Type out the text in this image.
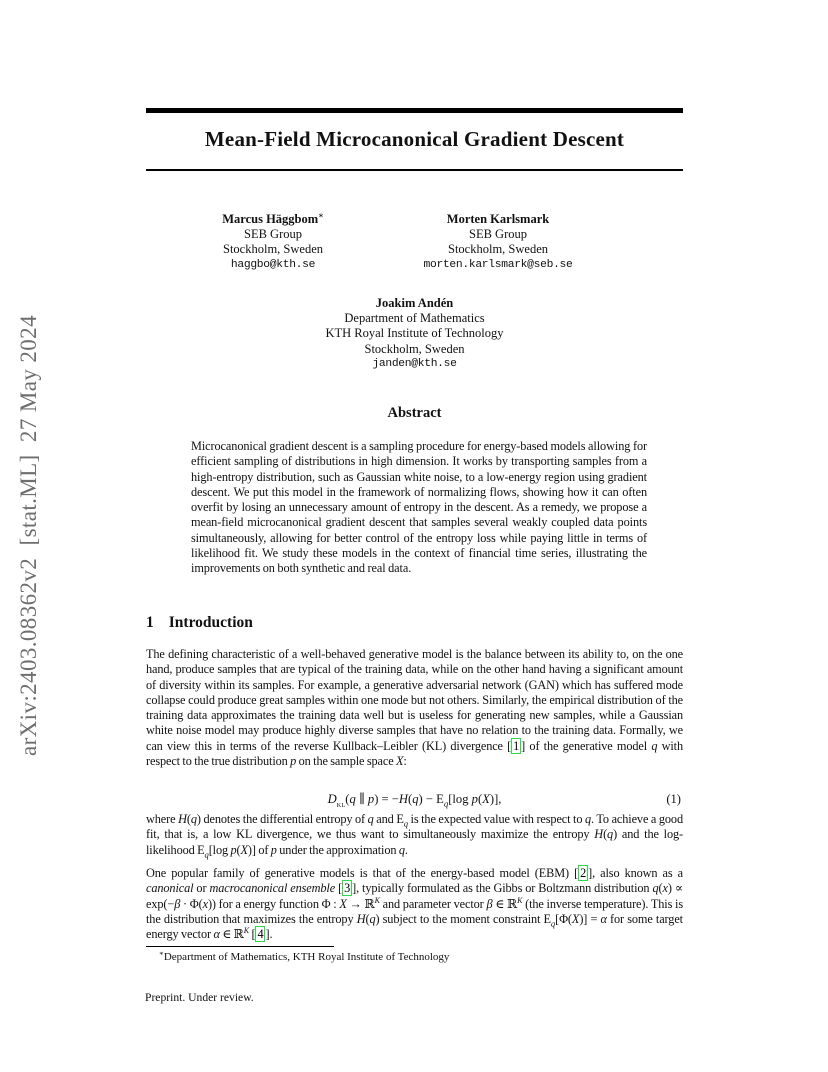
arXiv:2403.08362v2  [stat.ML]  27 May 2024
Mean-Field Microcanonical Gradient Descent
Marcus Häggbom∗
SEB Group
Stockholm, Sweden
haggbo@kth.se
Morten Karlsmark
SEB Group
Stockholm, Sweden
morten.karlsmark@seb.se
Joakim Andén
Department of Mathematics
KTH Royal Institute of Technology
Stockholm, Sweden
janden@kth.se
Abstract
Microcanonical gradient descent is a sampling procedure for energy-based models allowing for efficient sampling of distributions in high dimension. It works by transporting samples from a high-entropy distribution, such as Gaussian white noise, to a low-energy region using gradient descent. We put this model in the framework of normalizing flows, showing how it can often overfit by losing an unnecessary amount of entropy in the descent. As a remedy, we propose a mean-field microcanonical gradient descent that samples several weakly coupled data points simultaneously, allowing for better control of the entropy loss while paying little in terms of likelihood fit. We study these models in the context of financial time series, illustrating the improvements on both synthetic and real data.
1 Introduction
The defining characteristic of a well-behaved generative model is the balance between its ability to, on the one hand, produce samples that are typical of the training data, while on the other hand having a significant amount of diversity within its samples. For example, a generative adversarial network (GAN) which has suffered mode collapse could produce great samples within one mode but not others. Similarly, the empirical distribution of the training data approximates the training data well but is useless for generating new samples, while a Gaussian white noise model may produce highly diverse samples that have no relation to the training data. Formally, we can view this in terms of the reverse Kullback–Leibler (KL) divergence [ 1 ] of the generative model q with respect to the true distribution p on the sample space X:
$D_{KL}(q$ ∥ $p) = -H(q) - E_q[\log$ p(X)],	(1)
where H(q) denotes the differential entropy of q and $E_q$ is the expected value with respect to q. To achieve a good fit, that is, a low KL divergence, we thus want to simultaneously maximize the entropy H(q) and the log-likelihood $E_q[\log$ p(X)] of p under the approximation q.
One popular family of generative models is that of the energy-based model (EBM) [ 2 ], also known as a canonical or macrocanonical ensemble [ 3 ], typically formulated as the Gibbs or Boltzmann distribution q(x) ∝ exp(−β · Φ(x)) for a energy function Φ : X → ℝ$^K$ and parameter vector β ∈ ℝ$^K$ (the inverse temperature). This is the distribution that maximizes the entropy H(q) subject to the moment constraint $E_q[\Phi(X)] = \alpha$ for some target energy vector α ∈ ℝ$^K$ [ 4 ].
∗Department of Mathematics, KTH Royal Institute of Technology
Preprint. Under review.
